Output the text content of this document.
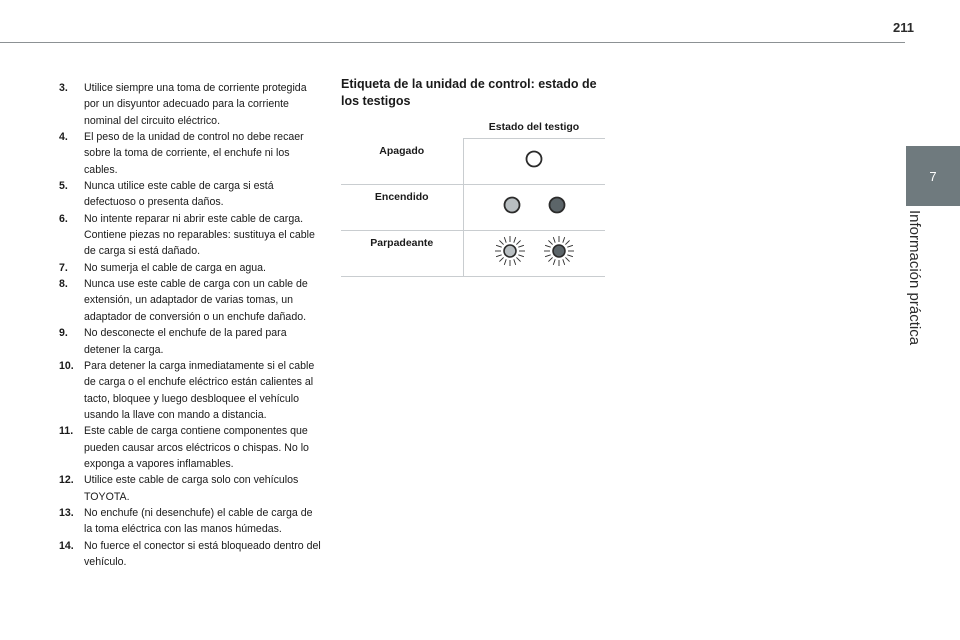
211
7
Información práctica
3.	Utilice siempre una toma de corriente protegida por un disyuntor adecuado para la corriente nominal del circuito eléctrico.
4.	El peso de la unidad de control no debe recaer sobre la toma de corriente, el enchufe ni los cables.
5.	Nunca utilice este cable de carga si está defectuoso o presenta daños.
6.	No intente reparar ni abrir este cable de carga. Contiene piezas no reparables: sustituya el cable de carga si está dañado.
7.	No sumerja el cable de carga en agua.
8.	Nunca use este cable de carga con un cable de extensión, un adaptador de varias tomas, un adaptador de conversión o un enchufe dañado.
9.	No desconecte el enchufe de la pared para detener la carga.
10. Para detener la carga inmediatamente si el cable de carga o el enchufe eléctrico están calientes al tacto, bloquee y luego desbloquee el vehículo usando la llave con mando a distancia.
11.	Este cable de carga contiene componentes que pueden causar arcos eléctricos o chispas. No lo exponga a vapores inflamables.
12. Utilice este cable de carga solo con vehículos TOYOTA.
13. No enchufe (ni desenchufe) el cable de carga de la toma eléctrica con las manos húmedas.
14. No fuerce el conector si está bloqueado dentro del vehículo.
Etiqueta de la unidad de control: estado de los testigos
	Estado del testigo
Apagado	

Encendido	

Parpadeante	
